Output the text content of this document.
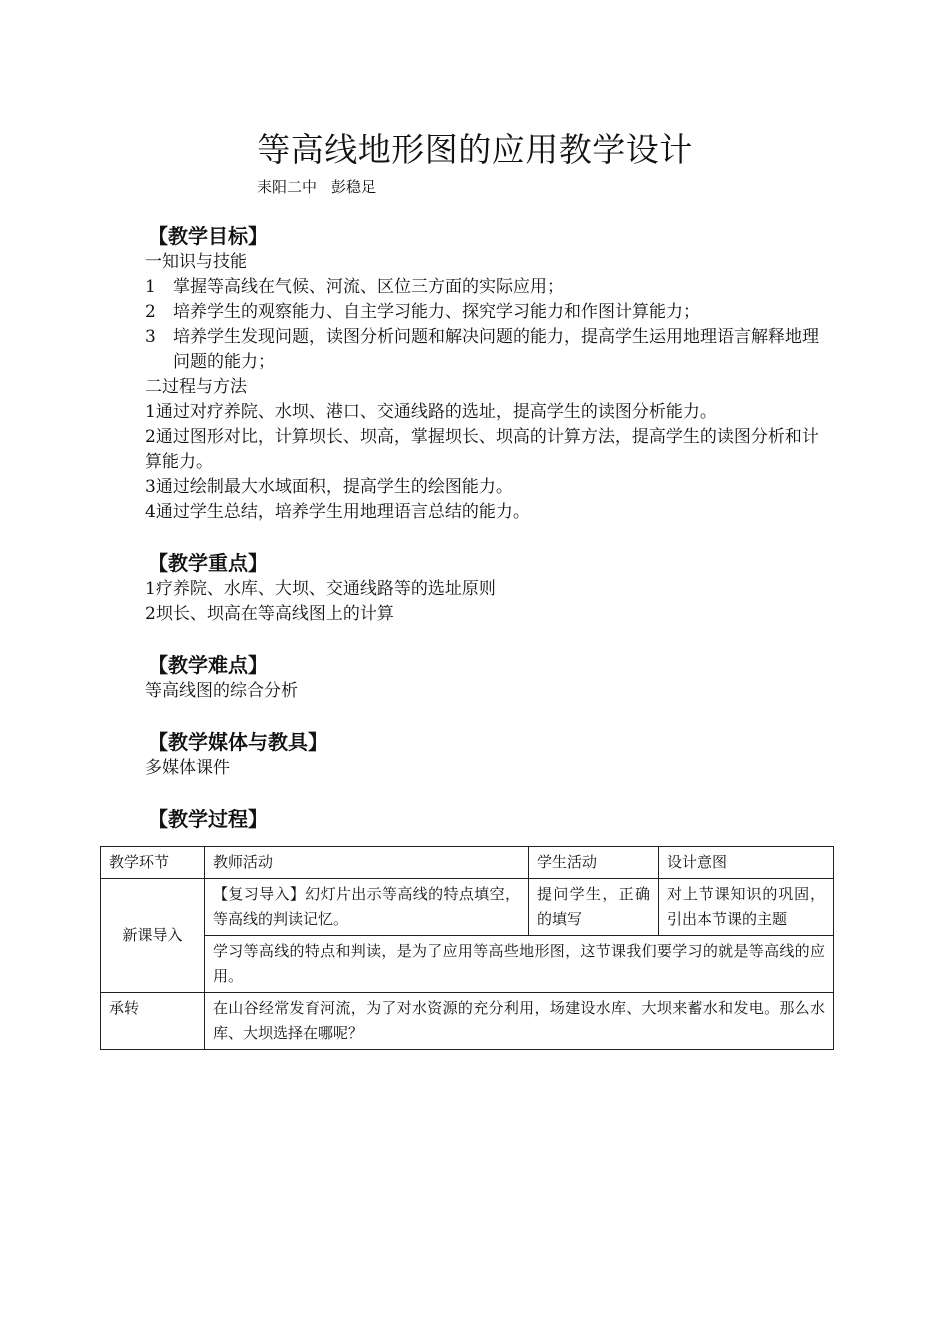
等高线地形图的应用教学设计
耒阳二中 彭稳足
【教学目标】
一知识与技能
1	掌握等高线在气候、河流、区位三方面的实际应用；
2	培养学生的观察能力、自主学习能力、探究学习能力和作图计算能力；
3	培养学生发现问题，读图分析问题和解决问题的能力，提高学生运用地理语言解释地理问题的能力；
二过程与方法
1通过对疗养院、水坝、港口、交通线路的选址，提高学生的读图分析能力。
2通过图形对比，计算坝长、坝高，掌握坝长、坝高的计算方法，提高学生的读图分析和计算能力。
3通过绘制最大水域面积，提高学生的绘图能力。
4通过学生总结，培养学生用地理语言总结的能力。
【教学重点】
1疗养院、水库、大坝、交通线路等的选址原则
2坝长、坝高在等高线图上的计算
【教学难点】
等高线图的综合分析
【教学媒体与教具】
多媒体课件
【教学过程】
教学环节	教师活动	学生活动	设计意图
新课导入	【复习导入】幻灯片出示等高线的特点填空，等高线的判读记忆。	提问学生，正确的填写	对上节课知识的巩固，引出本节课的主题
	学习等高线的特点和判读，是为了应用等高些地形图，这节课我们要学习的就是等高线的应用。		
承转	在山谷经常发育河流，为了对水资源的充分利用，场建设水库、大坝来蓄水和发电。那么水库、大坝选择在哪呢？		
